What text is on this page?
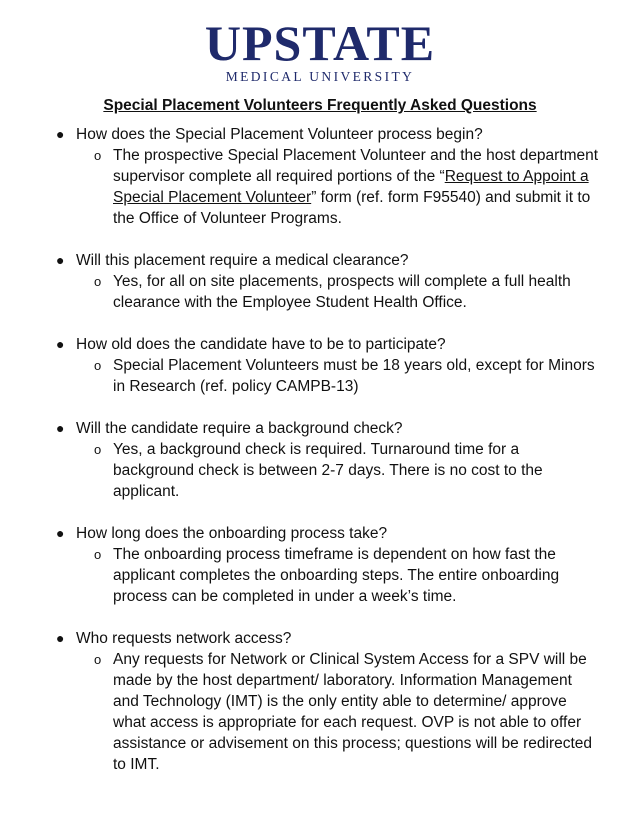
UPSTATE
MEDICAL UNIVERSITY
Special Placement Volunteers Frequently Asked Questions
● How does the Special Placement Volunteer process begin?
o The prospective Special Placement Volunteer and the host department supervisor complete all required portions of the “Request to Appoint a Special Placement Volunteer” form (ref. form F95540) and submit it to the Office of Volunteer Programs.
● Will this placement require a medical clearance?
o Yes, for all on site placements, prospects will complete a full health clearance with the Employee Student Health Office.
● How old does the candidate have to be to participate?
o Special Placement Volunteers must be 18 years old, except for Minors in Research (ref. policy CAMPB-13)
● Will the candidate require a background check?
o Yes, a background check is required. Turnaround time for a background check is between 2-7 days. There is no cost to the applicant.
● How long does the onboarding process take?
o The onboarding process timeframe is dependent on how fast the applicant completes the onboarding steps. The entire onboarding process can be completed in under a week’s time.
● Who requests network access?
o Any requests for Network or Clinical System Access for a SPV will be made by the host department/ laboratory. Information Management and Technology (IMT) is the only entity able to determine/ approve what access is appropriate for each request. OVP is not able to offer assistance or advisement on this process; questions will be redirected to IMT.
